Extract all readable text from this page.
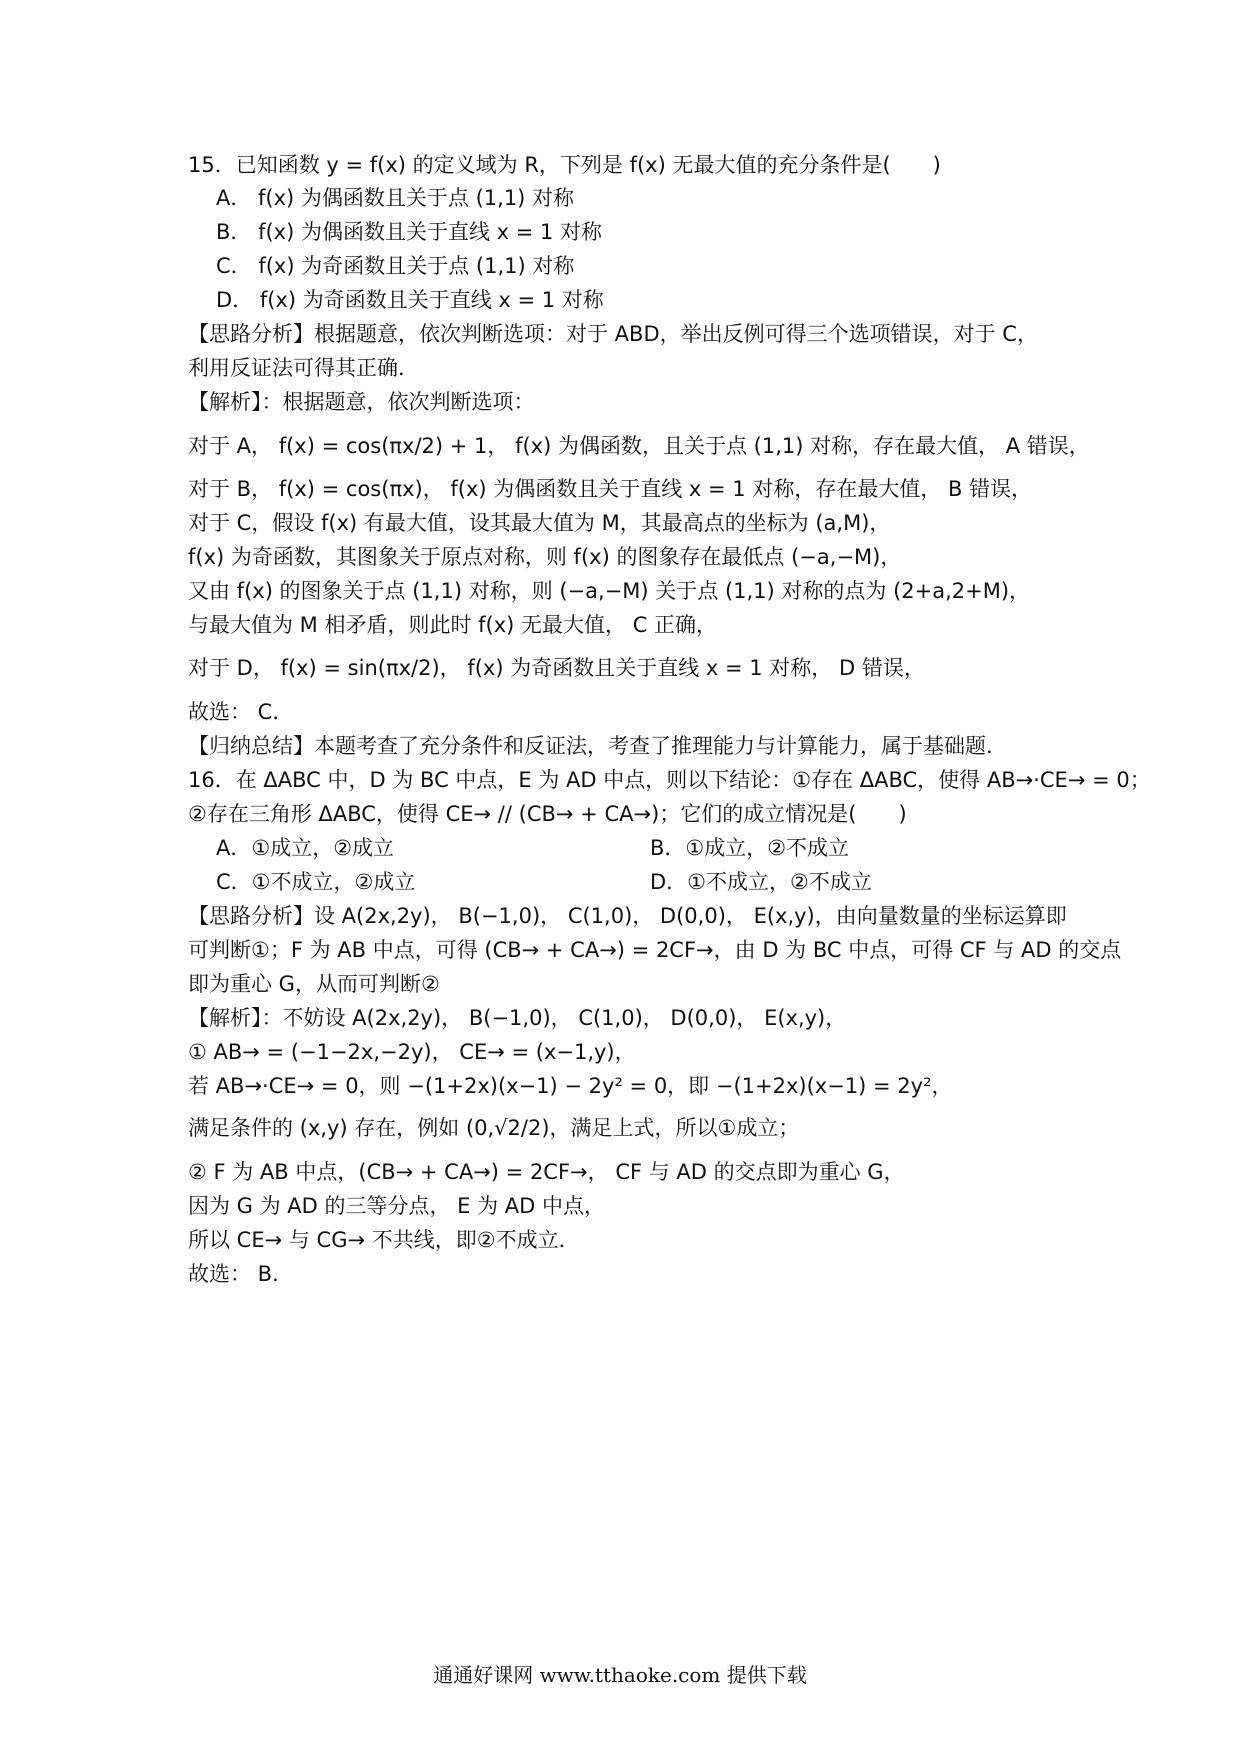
15．已知函数 y = f(x) 的定义域为 R，下列是 f(x) 无最大值的充分条件是(　　)
A． f(x) 为偶函数且关于点 (1,1) 对称
B． f(x) 为偶函数且关于直线 x = 1 对称
C． f(x) 为奇函数且关于点 (1,1) 对称
D． f(x) 为奇函数且关于直线 x = 1 对称
【思路分析】根据题意，依次判断选项：对于 ABD，举出反例可得三个选项错误，对于 C，
利用反证法可得其正确．
【解析】：根据题意，依次判断选项：
对于 A， f(x) = cos(πx/2) + 1， f(x) 为偶函数，且关于点 (1,1) 对称，存在最大值， A 错误，
对于 B， f(x) = cos(πx)， f(x) 为偶函数且关于直线 x = 1 对称，存在最大值， B 错误，
对于 C，假设 f(x) 有最大值，设其最大值为 M，其最高点的坐标为 (a,M)，
f(x) 为奇函数，其图象关于原点对称，则 f(x) 的图象存在最低点 (−a,−M)，
又由 f(x) 的图象关于点 (1,1) 对称，则 (−a,−M) 关于点 (1,1) 对称的点为 (2+a,2+M)，
与最大值为 M 相矛盾，则此时 f(x) 无最大值， C 正确，
对于 D， f(x) = sin(πx/2)， f(x) 为奇函数且关于直线 x = 1 对称， D 错误，
故选： C．
【归纳总结】本题考查了充分条件和反证法，考查了推理能力与计算能力，属于基础题．
16．在 ΔABC 中，D 为 BC 中点，E 为 AD 中点，则以下结论：①存在 ΔABC，使得 AB→·CE→ = 0；
②存在三角形 ΔABC，使得 CE→ // (CB→ + CA→)；它们的成立情况是(　　)
A．①成立，②成立	B．①成立，②不成立
C．①不成立，②成立	D．①不成立，②不成立
【思路分析】设 A(2x,2y)， B(−1,0)， C(1,0)， D(0,0)， E(x,y)，由向量数量的坐标运算即
可判断①；F 为 AB 中点，可得 (CB→ + CA→) = 2CF→，由 D 为 BC 中点，可得 CF 与 AD 的交点
即为重心 G，从而可判断②
【解析】：不妨设 A(2x,2y)， B(−1,0)， C(1,0)， D(0,0)， E(x,y)，
① AB→ = (−1−2x,−2y)， CE→ = (x−1,y)，
若 AB→·CE→ = 0，则 −(1+2x)(x−1) − 2y² = 0，即 −(1+2x)(x−1) = 2y²，
满足条件的 (x,y) 存在，例如 (0,√2/2)，满足上式，所以①成立；
② F 为 AB 中点，(CB→ + CA→) = 2CF→， CF 与 AD 的交点即为重心 G，
因为 G 为 AD 的三等分点， E 为 AD 中点，
所以 CE→ 与 CG→ 不共线，即②不成立．
故选： B．
通通好课网 www.tthaoke.com 提供下载
